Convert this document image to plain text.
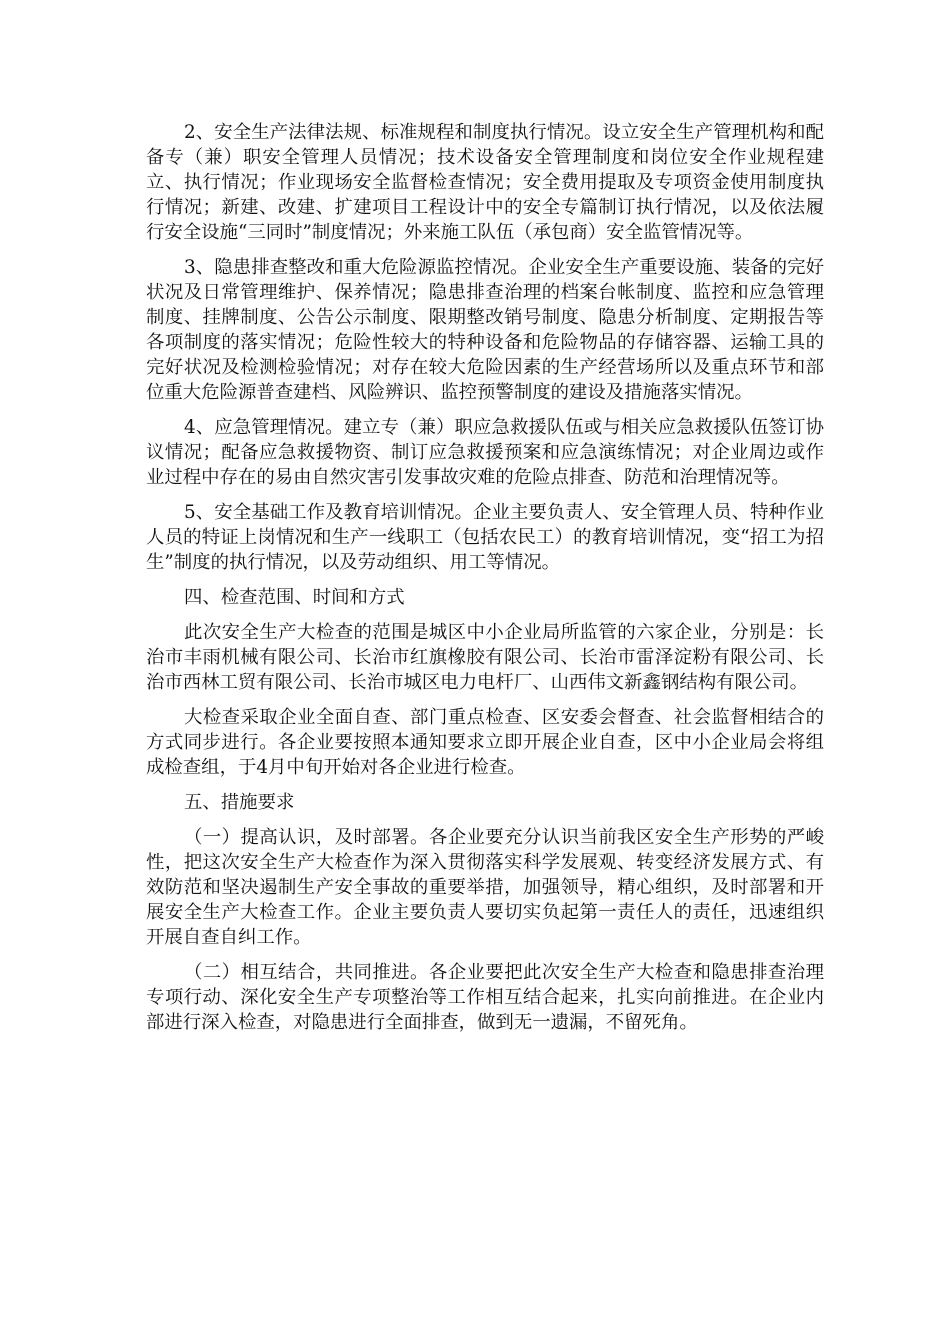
2、安全生产法律法规、标准规程和制度执行情况。设立安全生产管理机构和配备专（兼）职安全管理人员情况；技术设备安全管理制度和岗位安全作业规程建立、执行情况；作业现场安全监督检查情况；安全费用提取及专项资金使用制度执行情况；新建、改建、扩建项目工程设计中的安全专篇制订执行情况，以及依法履行安全设施“三同时”制度情况；外来施工队伍（承包商）安全监管情况等。

3、隐患排查整改和重大危险源监控情况。企业安全生产重要设施、装备的完好状况及日常管理维护、保养情况；隐患排查治理的档案台帐制度、监控和应急管理制度、挂牌制度、公告公示制度、限期整改销号制度、隐患分析制度、定期报告等各项制度的落实情况；危险性较大的特种设备和危险物品的存储容器、运输工具的完好状况及检测检验情况；对存在较大危险因素的生产经营场所以及重点环节和部位重大危险源普查建档、风险辨识、监控预警制度的建设及措施落实情况。

4、应急管理情况。建立专（兼）职应急救援队伍或与相关应急救援队伍签订协议情况；配备应急救援物资、制订应急救援预案和应急演练情况；对企业周边或作业过程中存在的易由自然灾害引发事故灾难的危险点排查、防范和治理情况等。

5、安全基础工作及教育培训情况。企业主要负责人、安全管理人员、特种作业人员的特证上岗情况和生产一线职工（包括农民工）的教育培训情况，变“招工为招生”制度的执行情况，以及劳动组织、用工等情况。

四、检查范围、时间和方式

此次安全生产大检查的范围是城区中小企业局所监管的六家企业，分别是：长治市丰雨机械有限公司、长治市红旗橡胶有限公司、长治市雷泽淀粉有限公司、长治市西林工贸有限公司、长治市城区电力电杆厂、山西伟文新鑫钢结构有限公司。

大检查采取企业全面自查、部门重点检查、区安委会督查、社会监督相结合的方式同步进行。各企业要按照本通知要求立即开展企业自查，区中小企业局会将组成检查组，于4月中旬开始对各企业进行检查。

五、措施要求

（一）提高认识，及时部署。各企业要充分认识当前我区安全生产形势的严峻性，把这次安全生产大检查作为深入贯彻落实科学发展观、转变经济发展方式、有效防范和坚决遏制生产安全事故的重要举措，加强领导，精心组织，及时部署和开展安全生产大检查工作。企业主要负责人要切实负起第一责任人的责任，迅速组织开展自查自纠工作。

（二）相互结合，共同推进。各企业要把此次安全生产大检查和隐患排查治理专项行动、深化安全生产专项整治等工作相互结合起来，扎实向前推进。在企业内部进行深入检查，对隐患进行全面排查，做到无一遗漏，不留死角。
